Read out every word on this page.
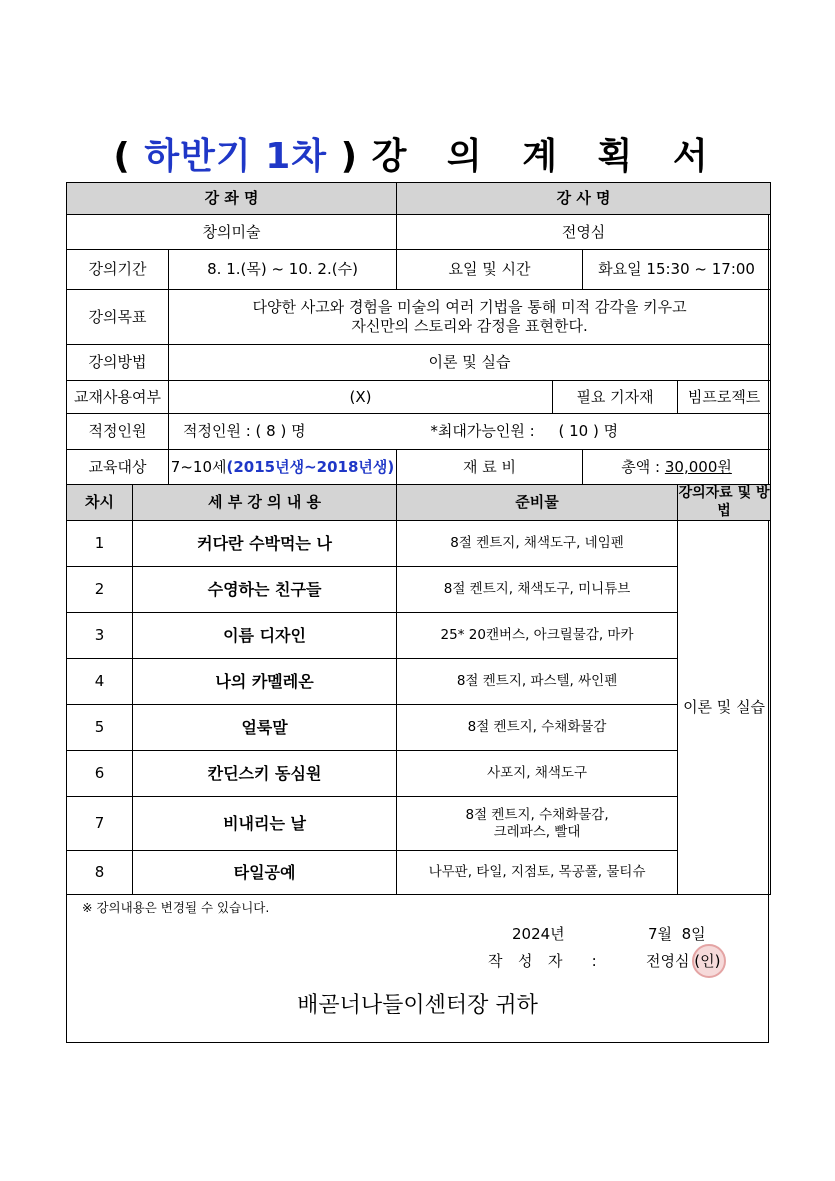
( 하반기 1차 ) 강 의 계 획 서
강 좌 명			강 사 명			
창의미술			전영심			
강의기간		8. 1.(목) ~ 10. 2.(수)	요일 및 시간		화요일 15:30 ~ 17:00	
강의목표		다양한 사고와 경험을 미술의 여러 기법을 통해 미적 감각을 키우고
자신만의 스토리와 감정을 표현한다.				

강의방법		이론 및 실습				
교재사용여부		(X)		필요 기자재		빔프로젝트
적정인원		적정인원 : ( 8 ) 명 *최대가능인원 :     ( 10 ) 명				
교육대상		7~10세(2015년생~2018년생)	재 료 비		총액 : 30,000원	
차시	세 부 강 의 내 용		준비물			강의자료 및 방법
1	커다란 수박먹는 나		8절 켄트지, 채색도구, 네임펜			이론 및 실습
2	수영하는 친구들		8절 켄트지, 채색도구, 미니튜브			
3	이름 디자인		25* 20캔버스, 아크릴물감, 마카			
4	나의 카멜레온		8절 켄트지, 파스텔, 싸인펜			
5	얼룩말		8절 켄트지, 수채화물감			
6	칸딘스키 동심원		사포지, 채색도구			
7	비내리는 날		8절 켄트지, 수채화물감,
크레파스, 빨대			

8	타일공예		나무판, 타일, 지점토, 목공풀, 물티슈			
※ 강의내용은 변경될 수 있습니다.
2024년	7월  8일
작  성  자    :	전영심 (인)
배곧너나들이센터장 귀하
